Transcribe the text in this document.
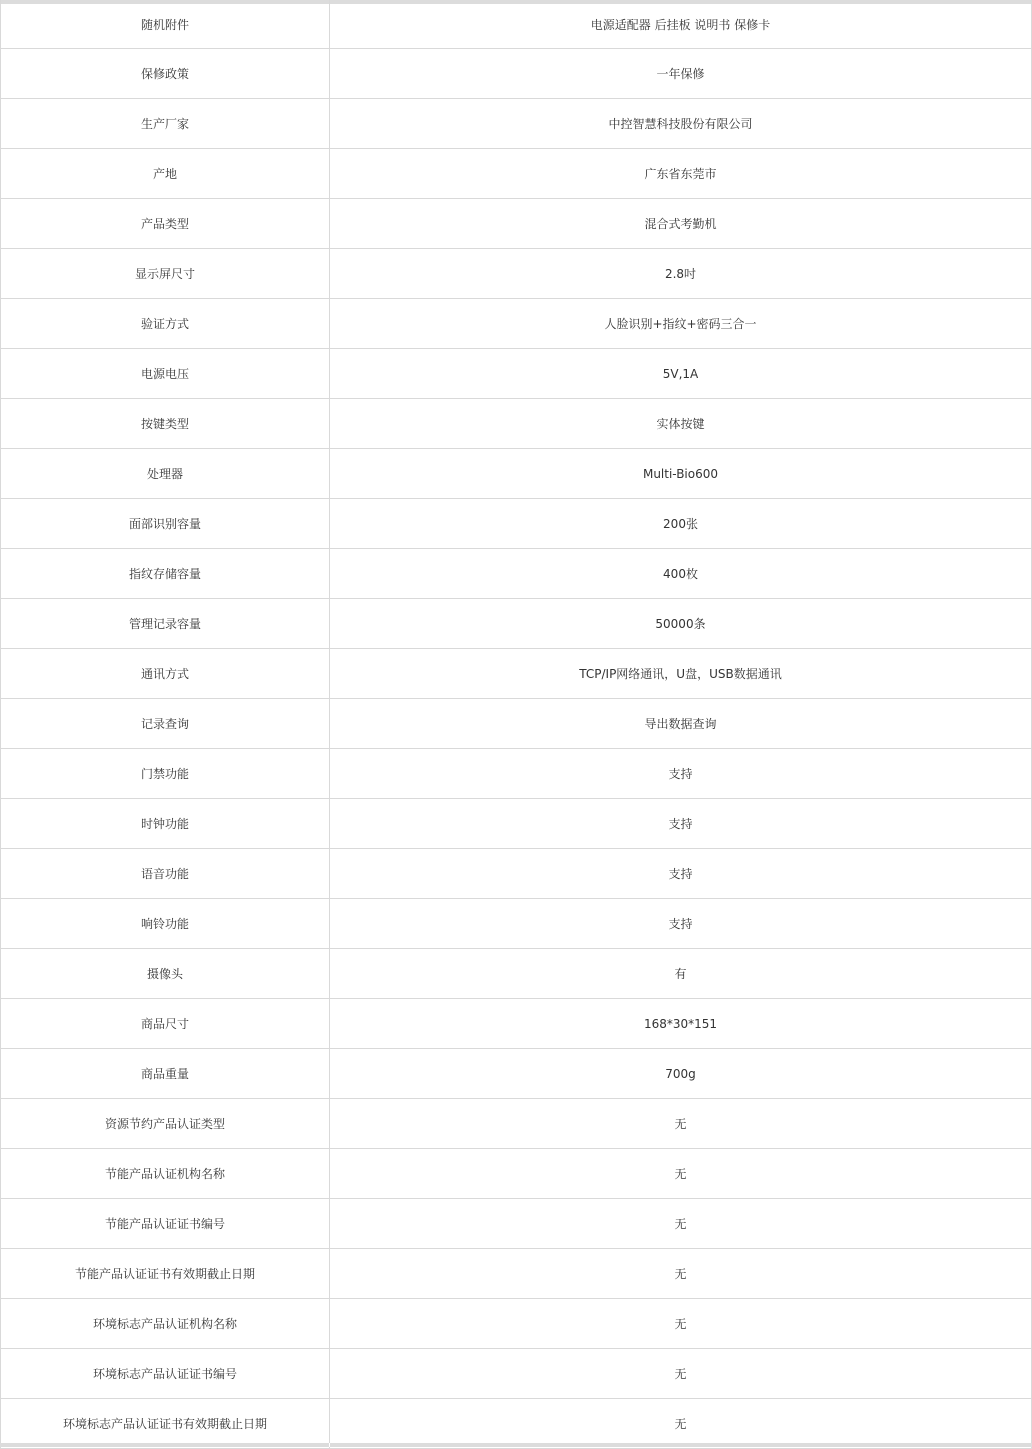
随机附件	电源适配器 后挂板 说明书 保修卡
保修政策	一年保修
生产厂家	中控智慧科技股份有限公司
产地	广东省东莞市
产品类型	混合式考勤机
显示屏尺寸	2.8吋
验证方式	人脸识别+指纹+密码三合一
电源电压	5V,1A
按键类型	实体按键
处理器	Multi-Bio600
面部识别容量	200张
指纹存储容量	400枚
管理记录容量	50000条
通讯方式	TCP/IP网络通讯，U盘，USB数据通讯
记录查询	导出数据查询
门禁功能	支持
时钟功能	支持
语音功能	支持
响铃功能	支持
摄像头	有
商品尺寸	168*30*151
商品重量	700g
资源节约产品认证类型	无
节能产品认证机构名称	无
节能产品认证证书编号	无
节能产品认证证书有效期截止日期	无
环境标志产品认证机构名称	无
环境标志产品认证证书编号	无
环境标志产品认证证书有效期截止日期	无
